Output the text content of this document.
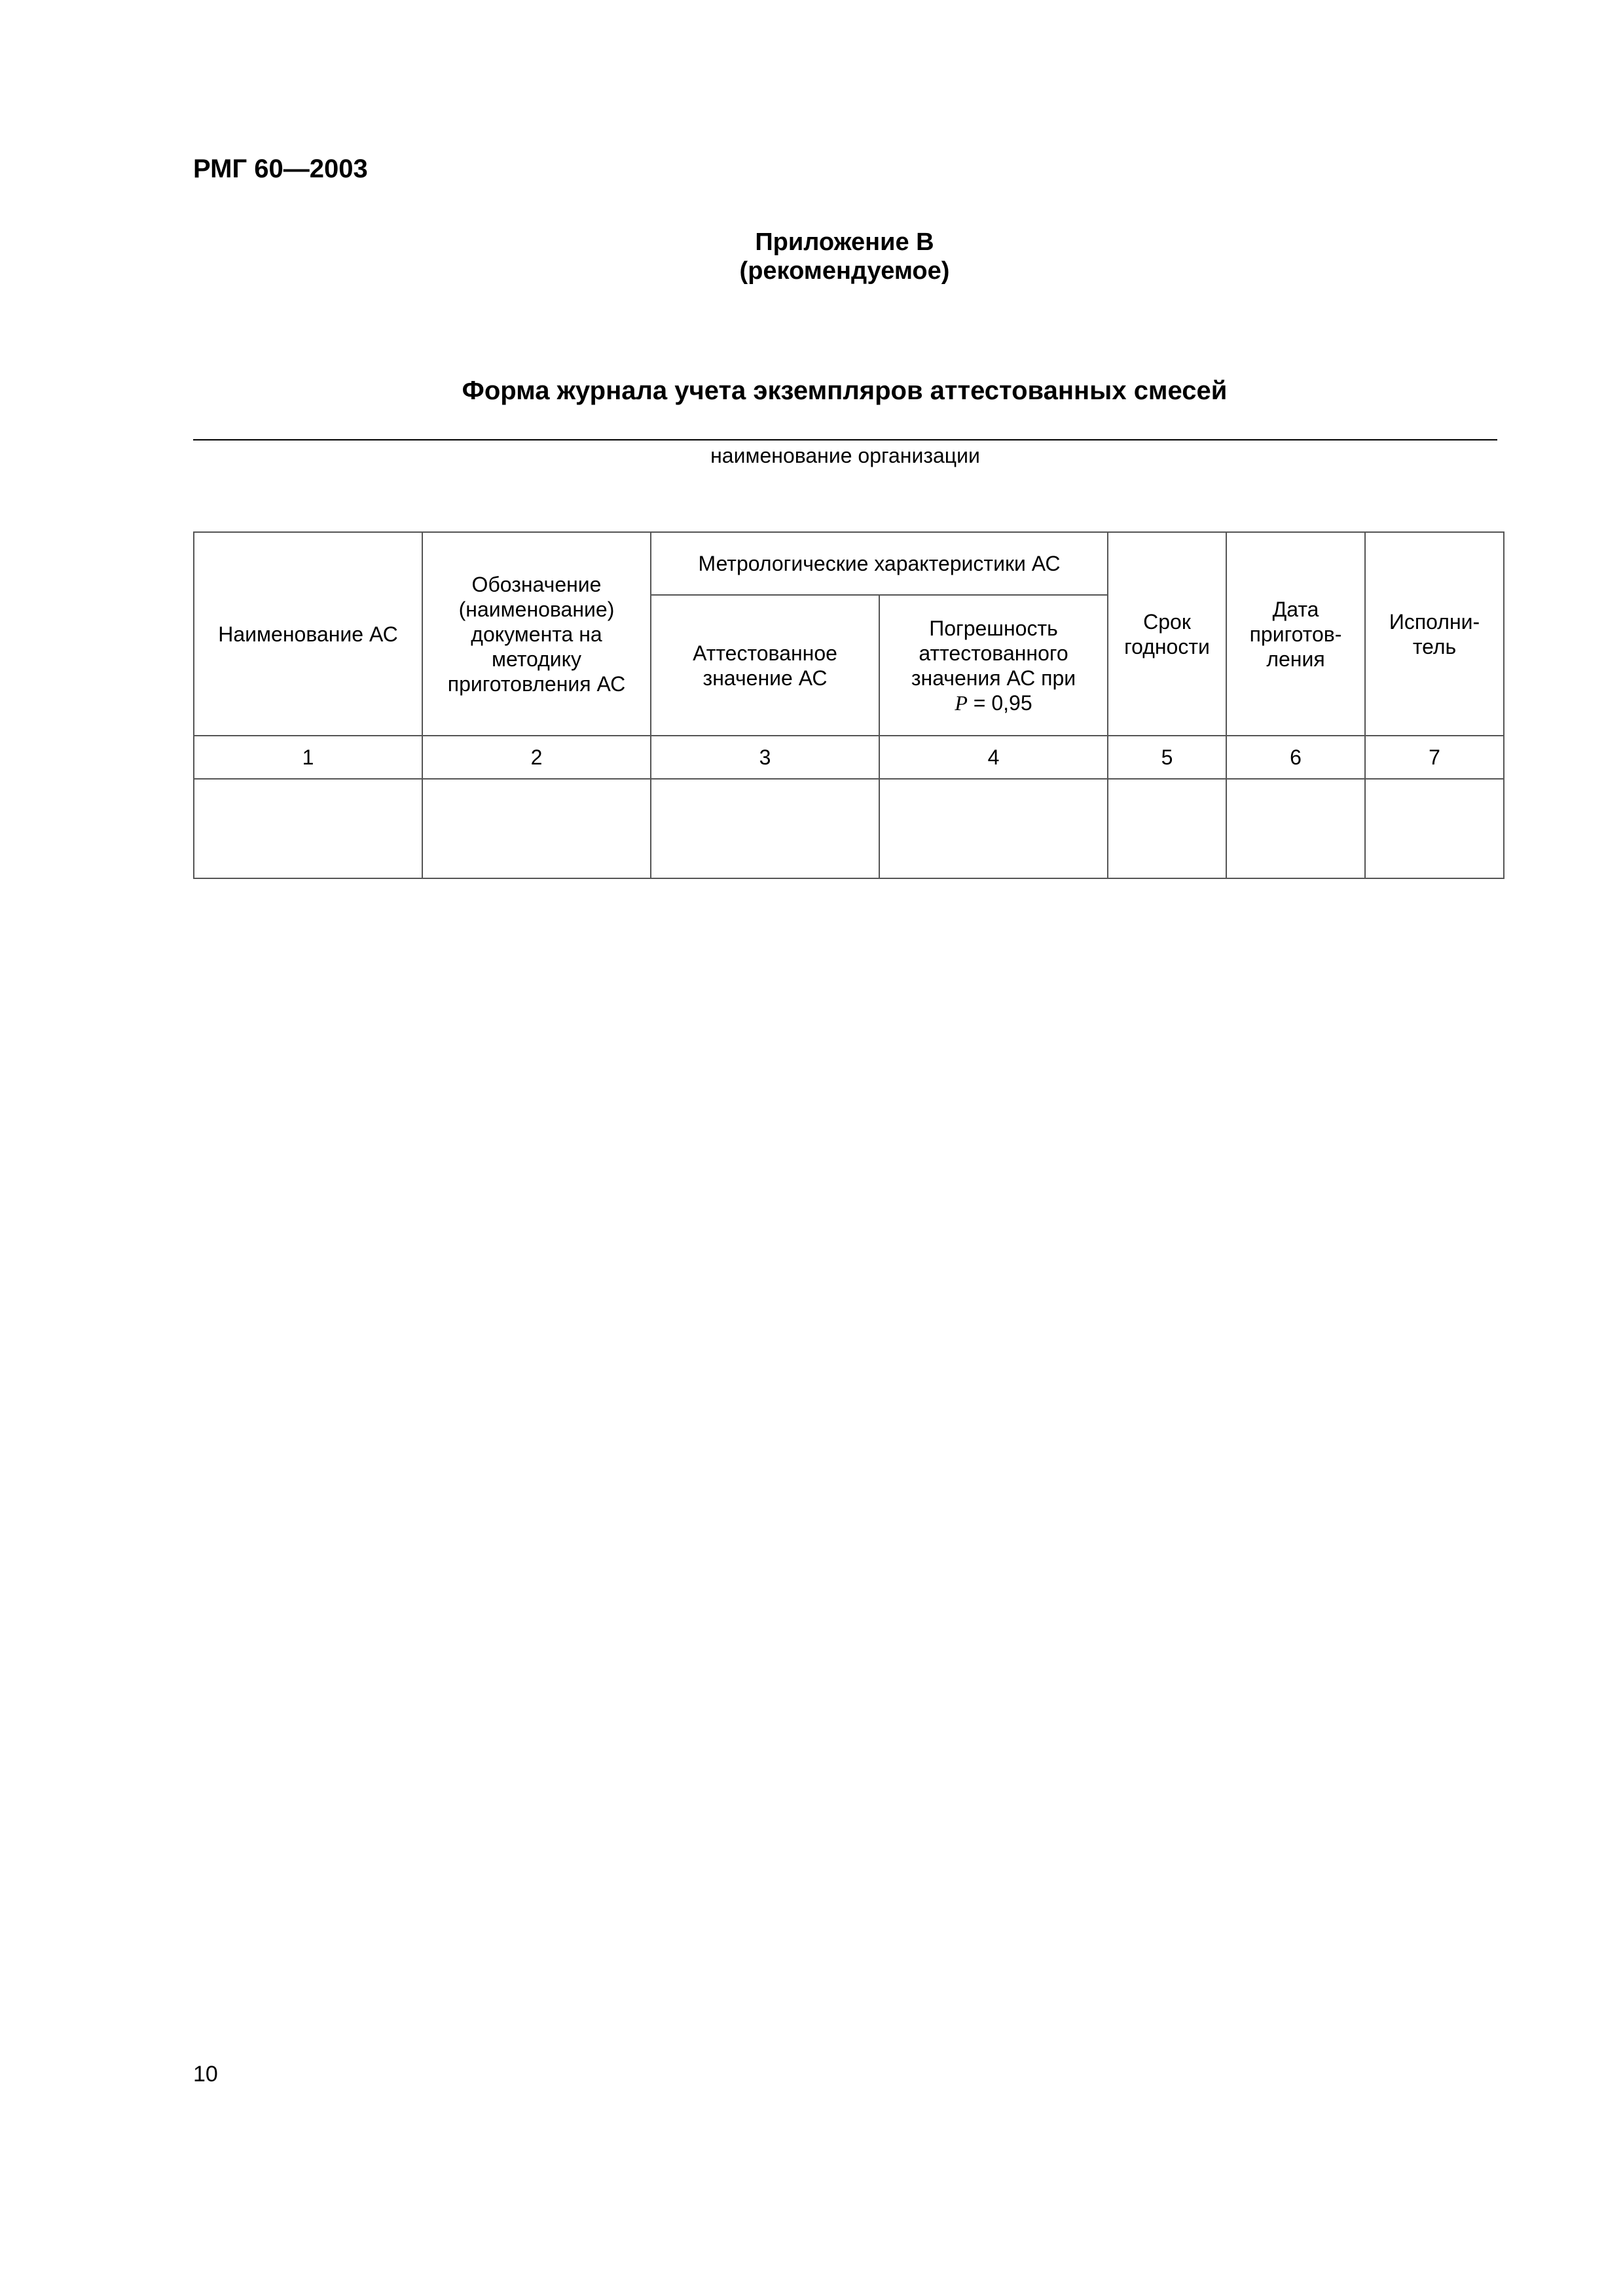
РМГ 60—2003
Приложение В
(рекомендуемое)
Форма журнала учета экземпляров аттестованных смесей
наименование организации
Наименование АС	Обозначение (наименование) документа на методику приготовления АС	Метрологические характеристики АС		Срок годности	Дата приготов-ления	Исполни-тель
		Аттестованное значение АС	Погрешность аттестованного значения АС при
P = 0,95			
1	2	3	4	5	6	7

10
